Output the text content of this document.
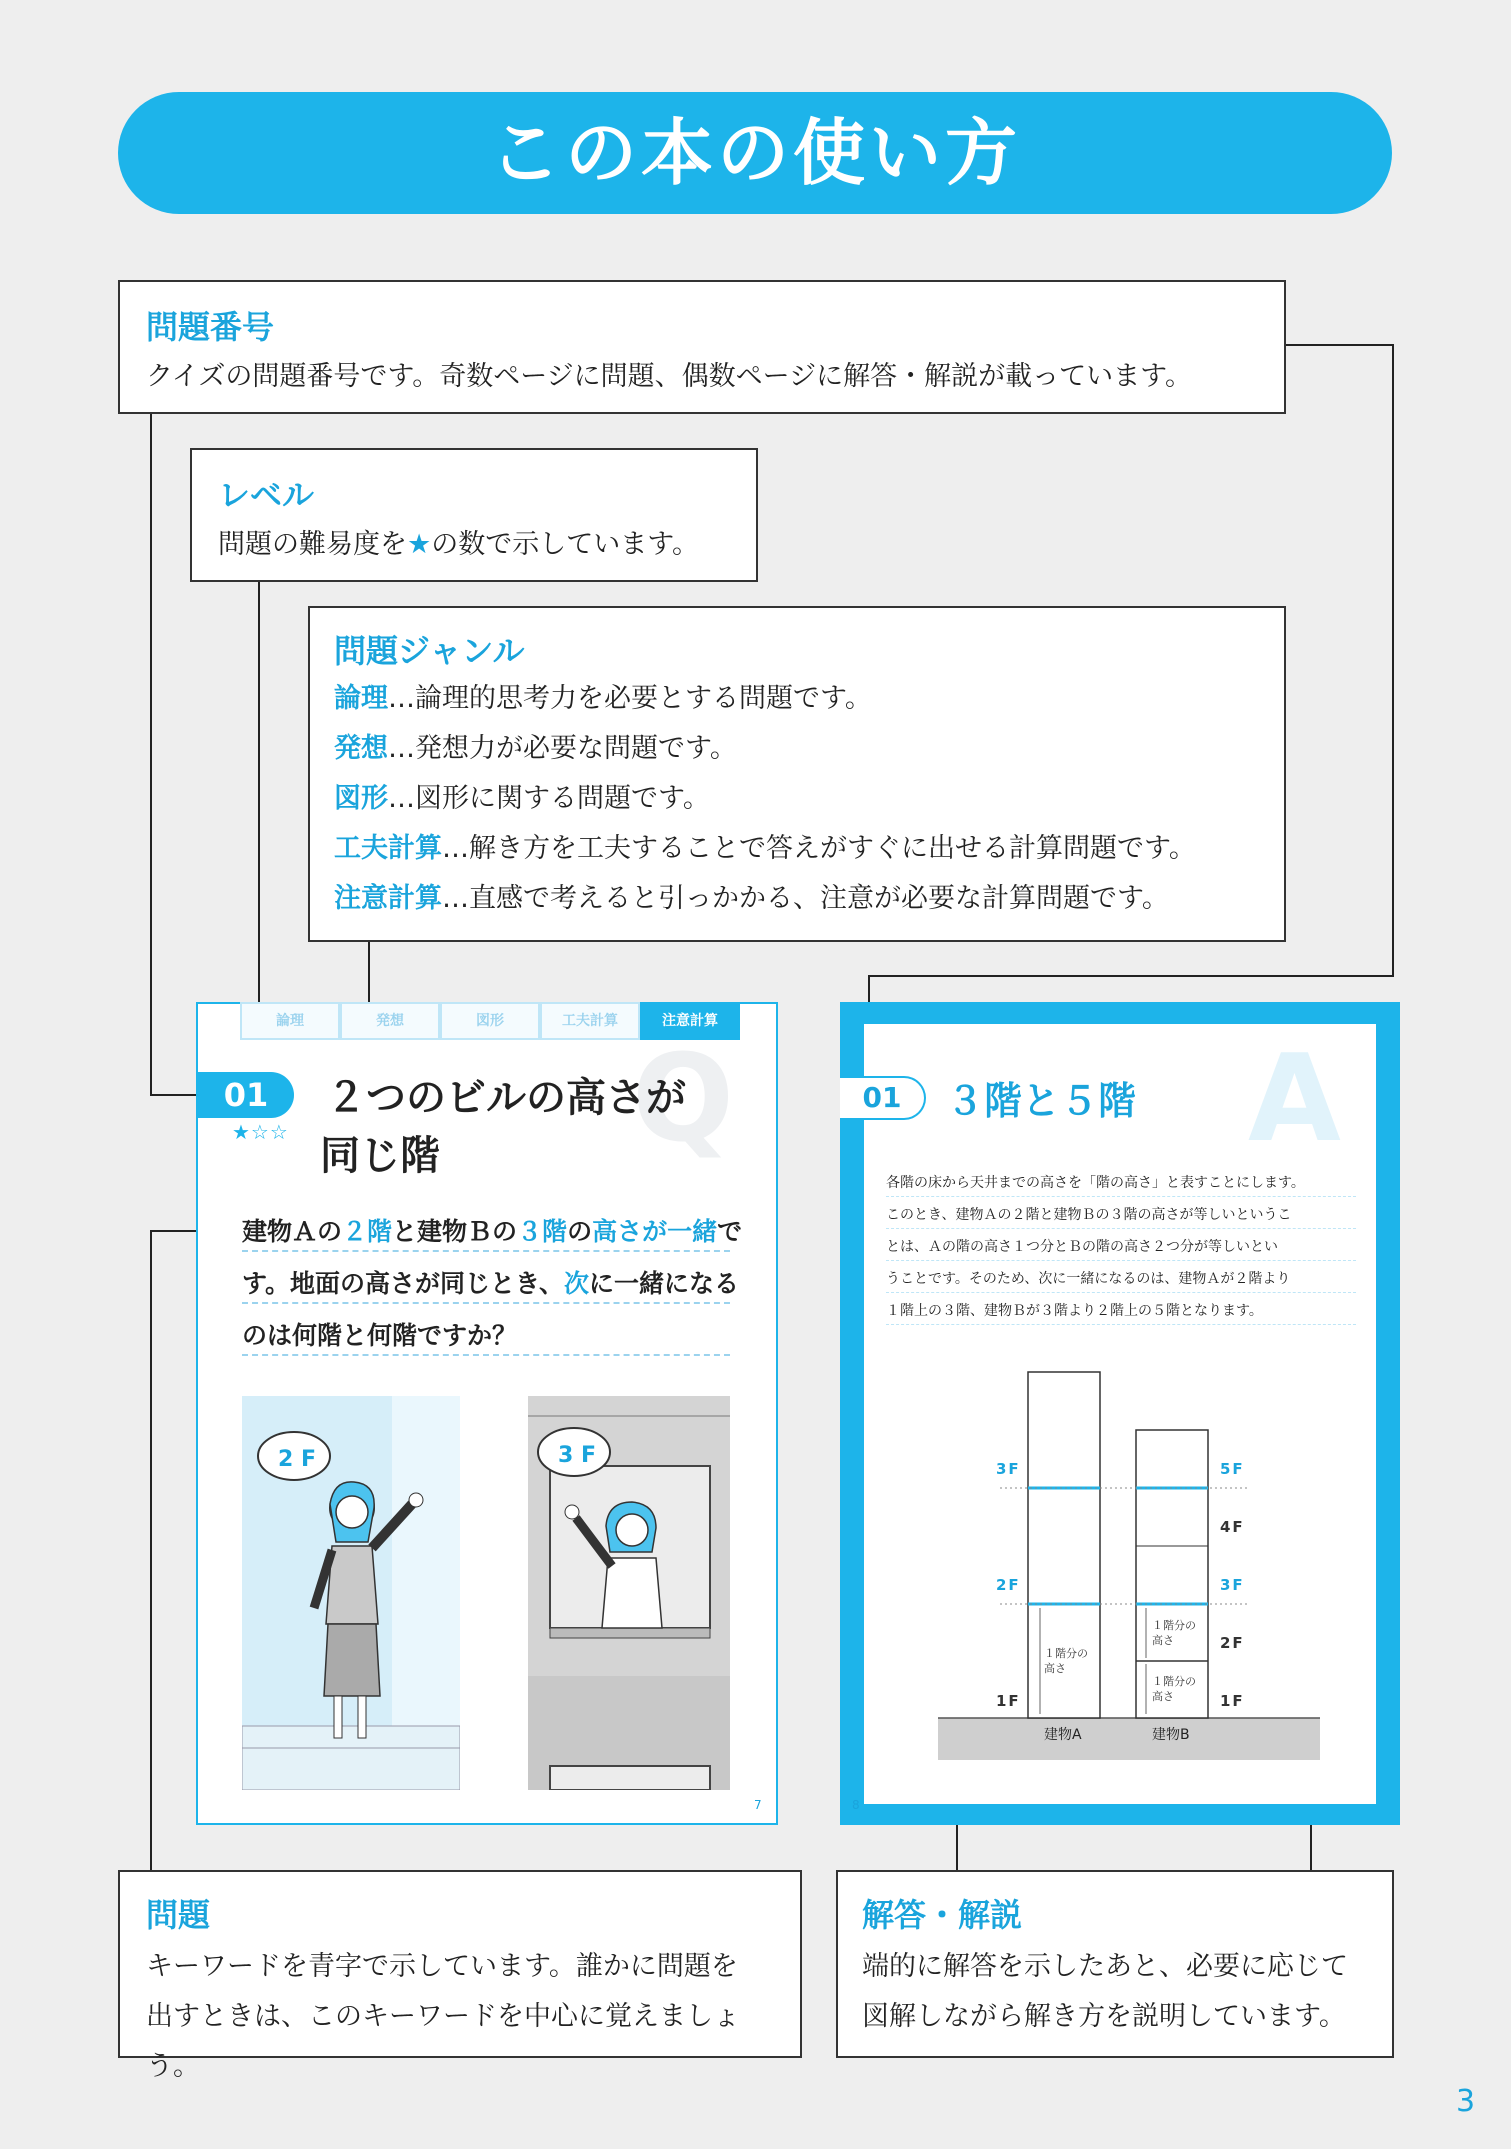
この本の使い方
問題番号

クイズの問題番号です。奇数ページに問題、偶数ページに解答・解説が載っています。

レベル

問題の難易度を★の数で示しています。

問題ジャンル

論理…論理的思考力を必要とする問題です。

発想…発想力が必要な問題です。

図形…図形に関する問題です。

工夫計算…解き方を工夫することで答えがすぐに出せる計算問題です。

注意計算…直感で考えると引っかかる、注意が必要な計算問題です。

論理	発想	図形	工夫計算	注意計算
Q
01	２つのビルの高さが
同じ階
★☆☆
建物Ａの２階と建物Ｂの３階の高さが一緒で
す。地面の高さが同じとき、次に一緒になる
のは何階と何階ですか？
2 F	3 F
7
A
01	３階と５階
各階の床から天井までの高さを「階の高さ」と表すことにします。
このとき、建物Ａの２階と建物Ｂの３階の高さが等しいというこ
とは、Ａの階の高さ１つ分とＢの階の高さ２つ分が等しいとい
うことです。そのため、次に一緒になるのは、建物Ａが２階より
１階上の３階、建物Ｂが３階より２階上の５階となります。
3F
2F
1F
5F
4F
3F
2F
1F
１階分の
高さ
１階分の
高さ
１階分の
高さ
建物A	建物B
8
問題

キーワードを青字で示しています。誰かに問題を

出すときは、このキーワードを中心に覚えましょう。

解答・解説

端的に解答を示したあと、必要に応じて

図解しながら解き方を説明しています。

3
